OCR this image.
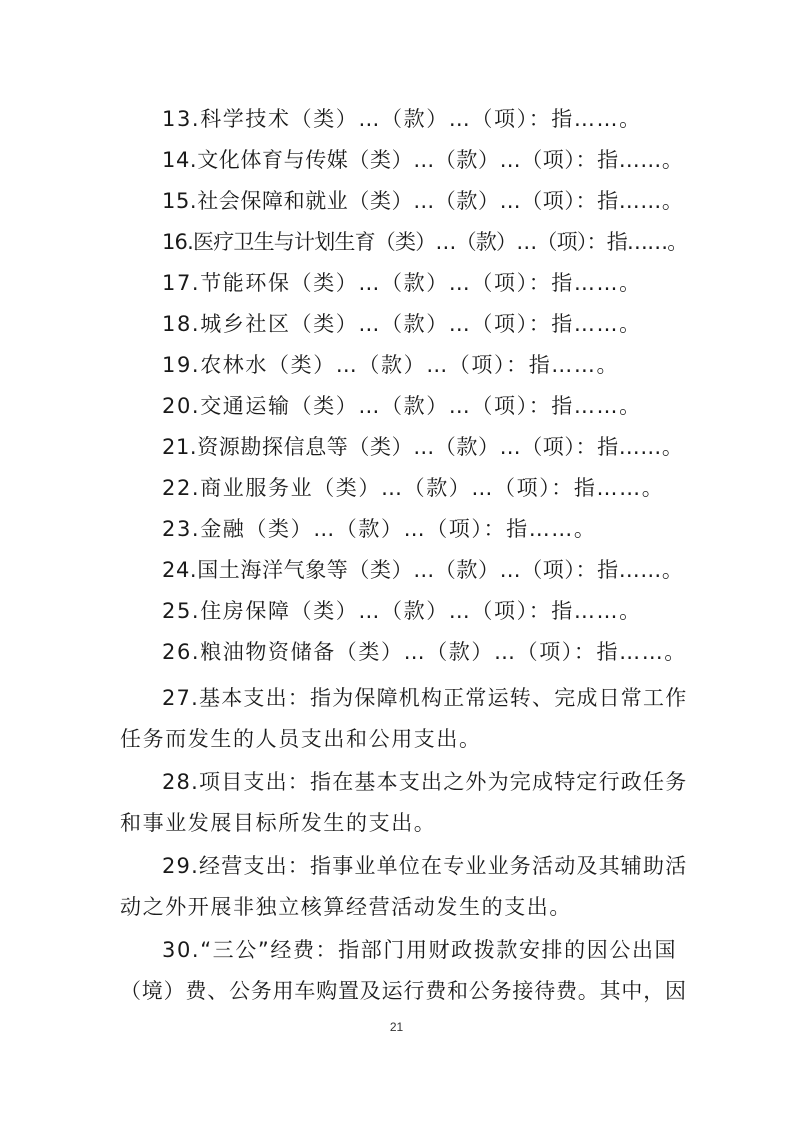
13.科学技术（类）…（款）…（项）：指……。
14.文化体育与传媒（类）…（款）…（项）：指……。
15.社会保障和就业（类）…（款）…（项）：指……。
16.医疗卫生与计划生育（类）…（款）…（项）：指……。
17.节能环保（类）…（款）…（项）：指……。
18.城乡社区（类）…（款）…（项）：指……。
19.农林水（类）…（款）…（项）：指……。
20.交通运输（类）…（款）…（项）：指……。
21.资源勘探信息等（类）…（款）…（项）：指……。
22.商业服务业（类）…（款）…（项）：指……。
23.金融（类）…（款）…（项）：指……。
24.国土海洋气象等（类）…（款）…（项）：指……。
25.住房保障（类）…（款）…（项）：指……。
26.粮油物资储备（类）…（款）…（项）：指……。
27.基本支出：指为保障机构正常运转、完成日常工作
任务而发生的人员支出和公用支出。
28.项目支出：指在基本支出之外为完成特定行政任务
和事业发展目标所发生的支出。
29.经营支出：指事业单位在专业业务活动及其辅助活
动之外开展非独立核算经营活动发生的支出。
30.“三公”经费：指部门用财政拨款安排的因公出国
（境）费、公务用车购置及运行费和公务接待费。其中，因
21
